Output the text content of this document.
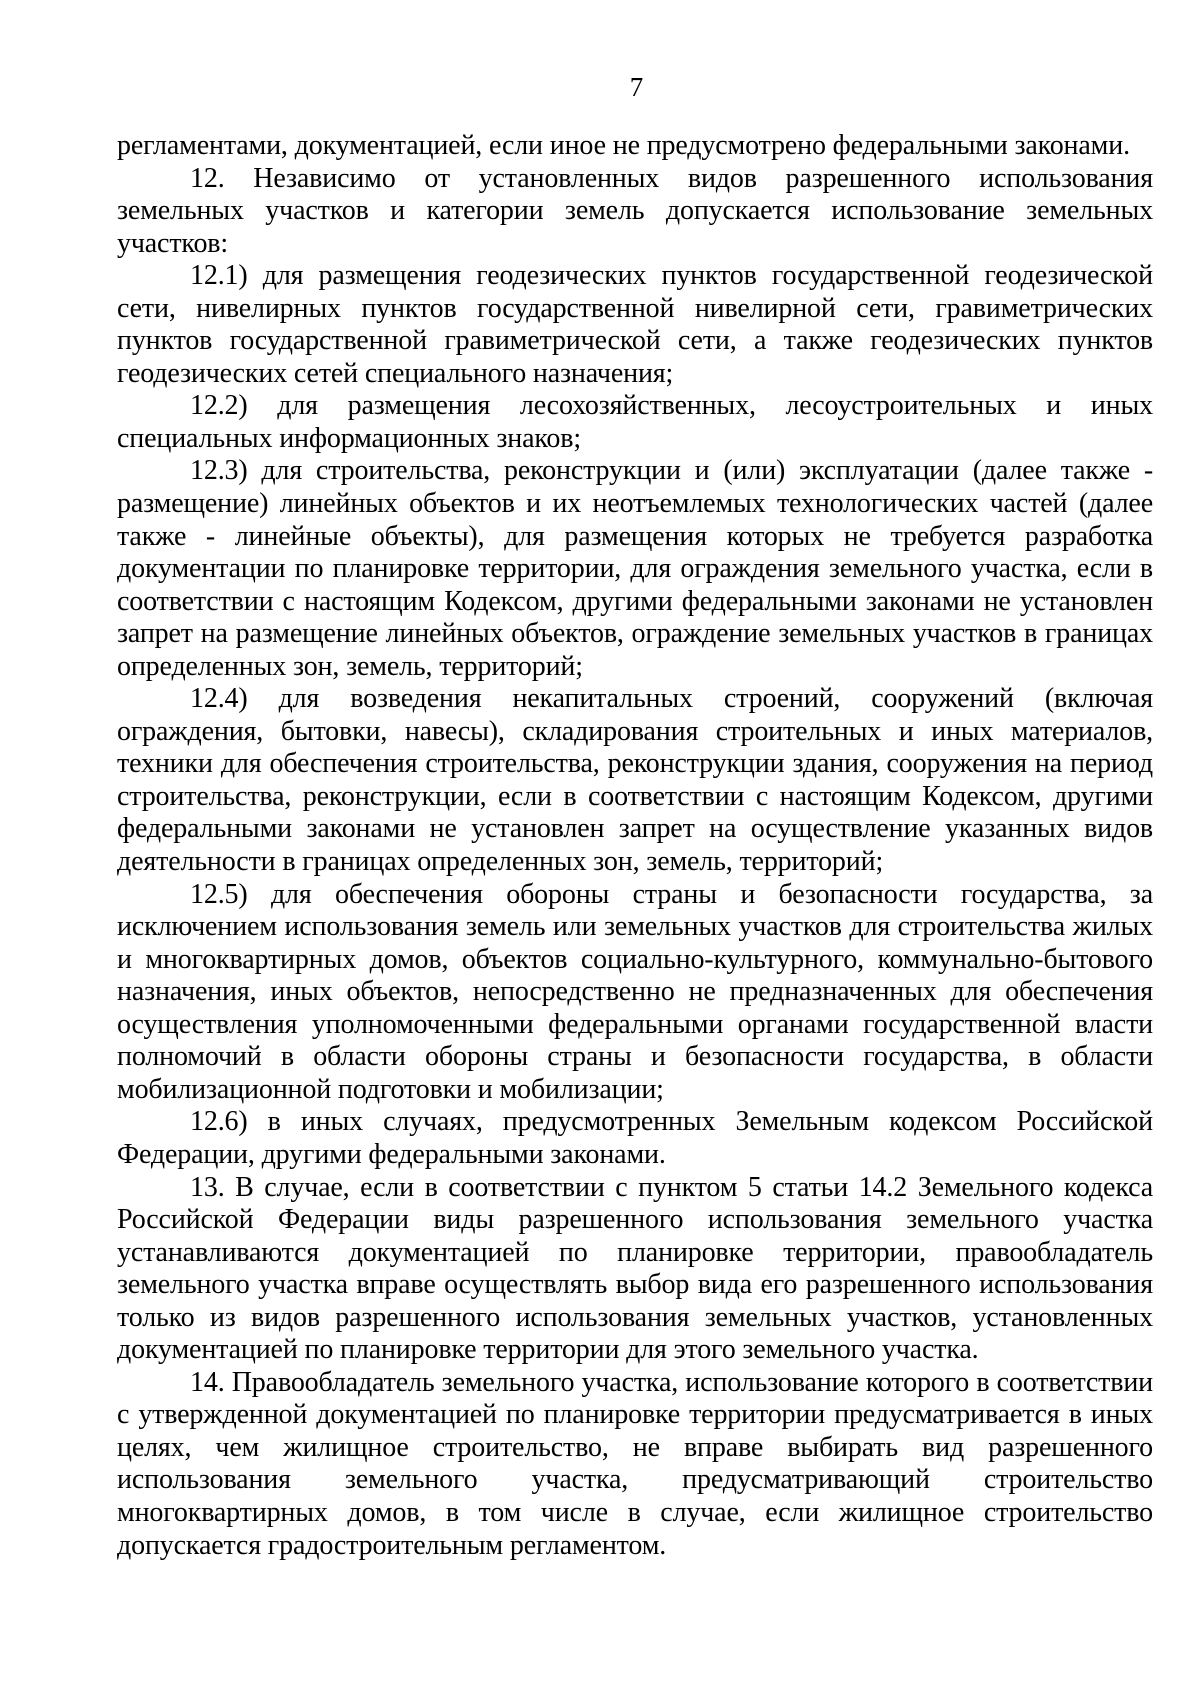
7

регламентами, документацией, если иное не предусмотрено федеральными законами.

12. Независимо от установленных видов разрешенного использования земельных участков и категории земель допускается использование земельных участков:

12.1) для размещения геодезических пунктов государственной геодезической сети, нивелирных пунктов государственной нивелирной сети, гравиметрических пунктов государственной гравиметрической сети, а также геодезических пунктов геодезических сетей специального назначения;

12.2) для размещения лесохозяйственных, лесоустроительных и иных специальных информационных знаков;

12.3) для строительства, реконструкции и (или) эксплуатации (далее также - размещение) линейных объектов и их неотъемлемых технологических частей (далее также - линейные объекты), для размещения которых не требуется разработка документации по планировке территории, для ограждения земельного участка, если в соответствии с настоящим Кодексом, другими федеральными законами не установлен запрет на размещение линейных объектов, ограждение земельных участков в границах определенных зон, земель, территорий;

12.4) для возведения некапитальных строений, сооружений (включая ограждения, бытовки, навесы), складирования строительных и иных материалов, техники для обеспечения строительства, реконструкции здания, сооружения на период строительства, реконструкции, если в соответствии с настоящим Кодексом, другими федеральными законами не установлен запрет на осуществление указанных видов деятельности в границах определенных зон, земель, территорий;

12.5) для обеспечения обороны страны и безопасности государства, за исключением использования земель или земельных участков для строительства жилых и многоквартирных домов, объектов социально-культурного, коммунально-бытового назначения, иных объектов, непосредственно не предназначенных для обеспечения осуществления уполномоченными федеральными органами государственной власти полномочий в области обороны страны и безопасности государства, в области мобилизационной подготовки и мобилизации;

12.6) в иных случаях, предусмотренных Земельным кодексом Российской Федерации, другими федеральными законами.

13. В случае, если в соответствии с пунктом 5 статьи 14.2 Земельного кодекса Российской Федерации виды разрешенного использования земельного участка устанавливаются документацией по планировке территории, правообладатель земельного участка вправе осуществлять выбор вида его разрешенного использования только из видов разрешенного использования земельных участков, установленных документацией по планировке территории для этого земельного участка.

14. Правообладатель земельного участка, использование которого в соответствии с утвержденной документацией по планировке территории предусматривается в иных целях, чем жилищное строительство, не вправе выбирать вид разрешенного использования земельного участка, предусматривающий строительство многоквартирных домов, в том числе в случае, если жилищное строительство допускается градостроительным регламентом.
